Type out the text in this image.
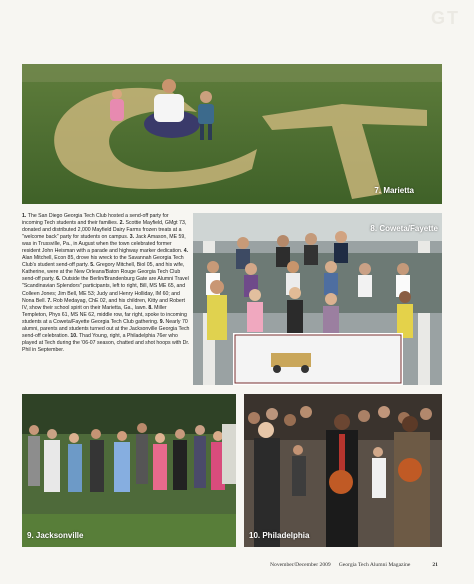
GT
7. Marietta
8. Coweta/Fayette

1. The San Diego Georgia Tech Club hosted a send-off party for incoming Tech students and their families. 2. Scottie Mayfield, GMgt 73, donated and distributed 2,000 Mayfield Dairy Farms frozen treats at a "welcome back" party for students on campus. 3. Jack Amason, ME 59, was in Trussville, Pa., in August when the town celebrated former resident John Heisman with a parade and highway marker dedication. 4. Alan Mitchell, Econ 85, drove his wreck to the Savannah Georgia Tech Club's student send-off party. 5. Gregory Mitchell, Biol 05, and his wife, Katherine, were at the New Orleans/Baton Rouge Georgia Tech Club send-off party. 6. Outside the Berlin/Brandenburg Gate are Alumni Travel "Scandinavian Splendors" participants, left to right, Bill, MS ME 65, and Colleen Jones; Jim Bell, ME 53; Judy and Henry Holliday, IM 60; and Nona Bell. 7. Rob Medayag, ChE 02, and his children, Kitty and Robert IV, show their school spirit on their Marietta, Ga., lawn. 8. Miller Templeton, Phys 61, MS NE 62, middle row, far right, spoke to incoming students at a Coweta/Fayette Georgia Tech Club gathering. 9. Nearly 70 alumni, parents and students turned out at the Jacksonville Georgia Tech send-off celebration. 10. Thad Young, right, a Philadelphia 76er who played at Tech during the '06-07 season, chatted and shot hoops with Dr. Phil in September.

9. Jacksonville	10. Philadelphia
November/December 2009 Georgia Tech Alumni Magazine	21
